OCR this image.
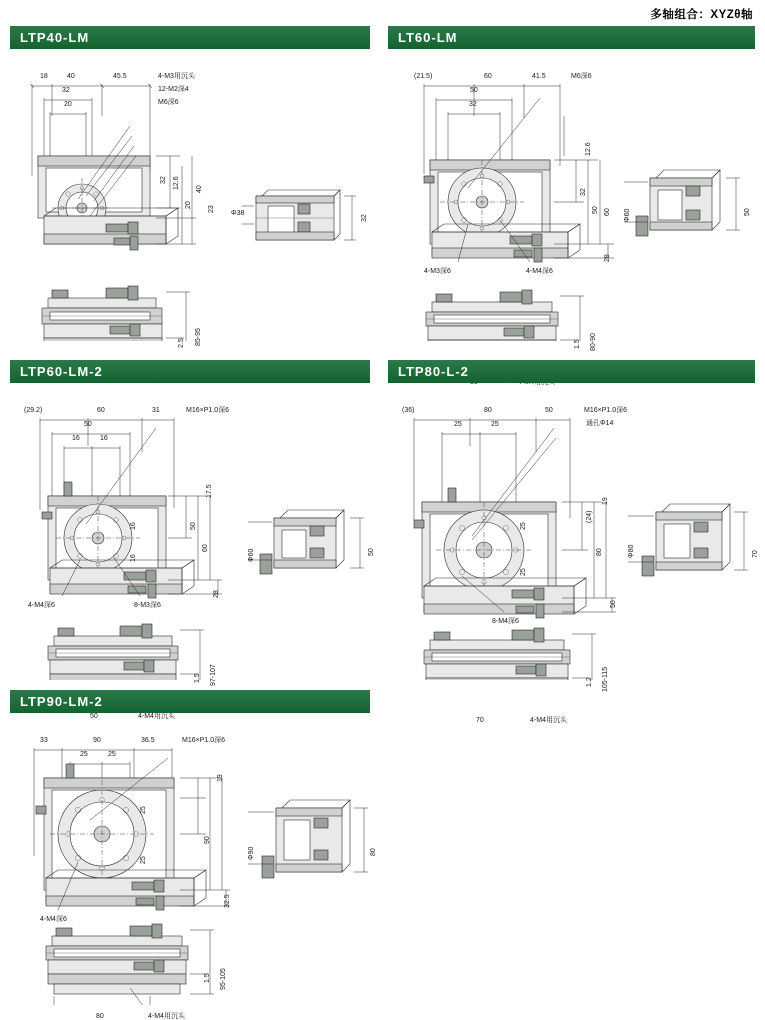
多轴组合：XYZθ轴
LTP40-LM
18	40	45.5	4-M3用沉头
12-M2深4
M6深6
32
20
12.6
32
40
20
23
Φ38
32
85-95
2.5
LT60-LM
(21.5)	60	41.5	M6深6
50
32
12.6
32
60
50
28
4-M3深6	4-M4深6
Φ60	50
80-90
1.5
LTP60-LM-2
(29.2)	60	31	M16×P1.0深6
50
16	16
17.5
16
16
50
60
28
4-M4深6	8-M3深6
Φ60	50
97-107
1.5
50	4-M4用沉头
LTP80-L-2
(36)	80	50	M16×P1.0深6
通孔Φ14
25	25
19
(24)
25
25
80
50
8-M4深6
Φ80	70
105-115
1.2
70	4-M4用沉头
LTP90-LM-2
33	90	36.5	M16×P1.0深6
25	25
19
25
25
90
32.5
4-M4深6
Φ90	80
95-105
1.5
80	4-M4用沉头
